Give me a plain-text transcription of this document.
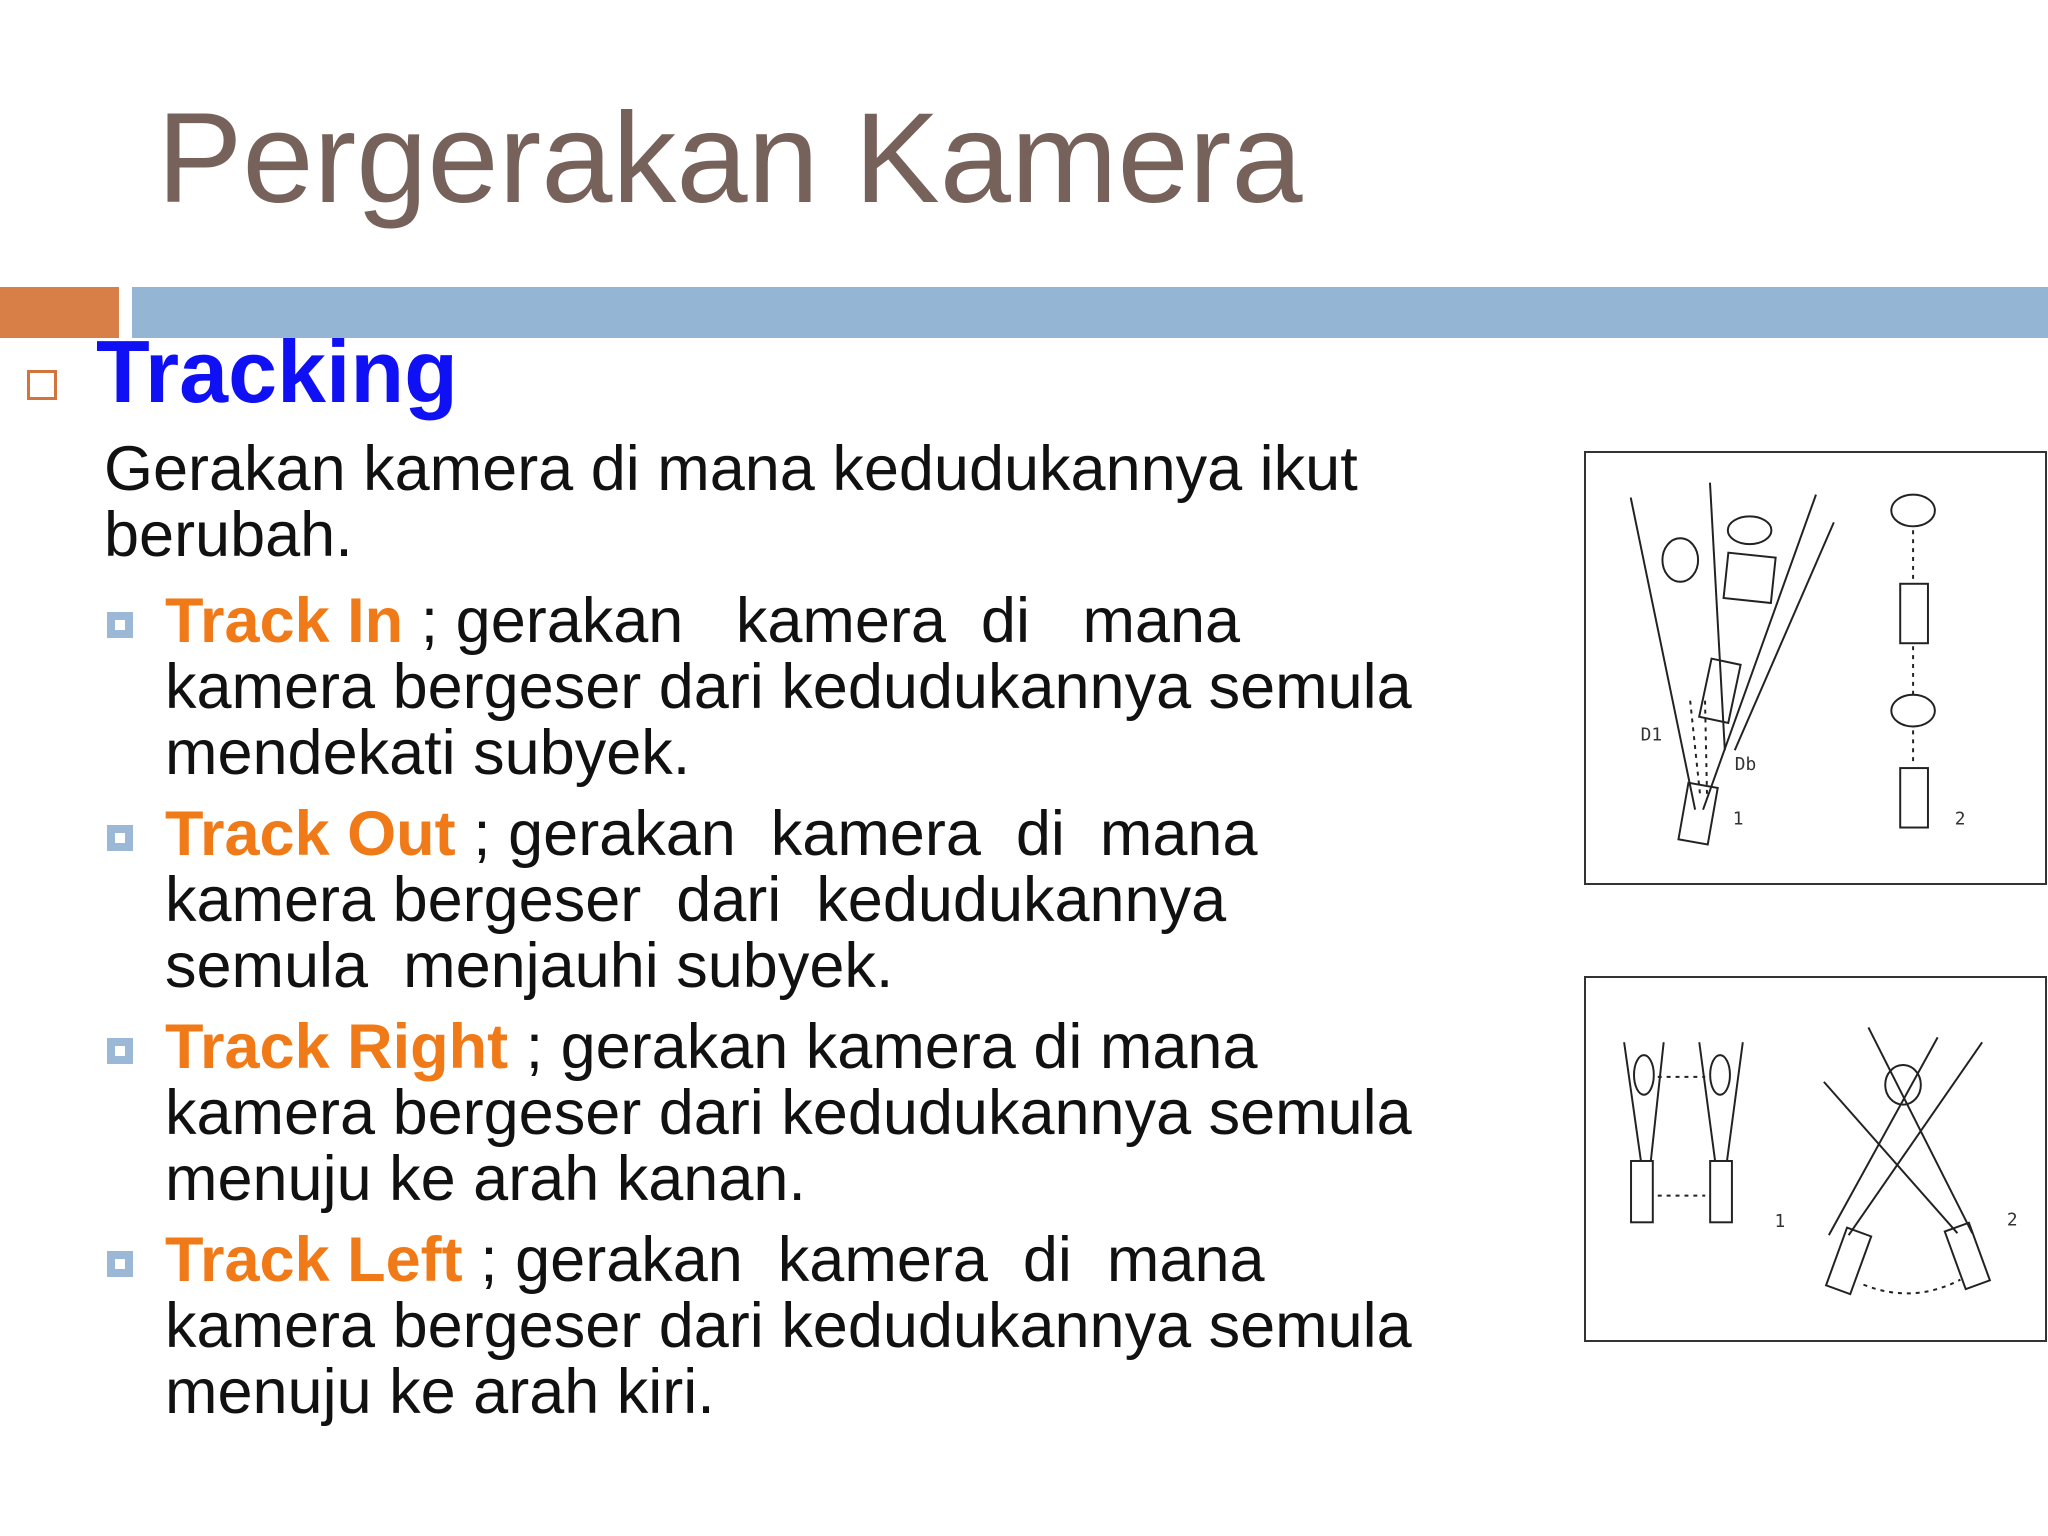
Pergerakan Kamera
Tracking
Gerakan kamera di mana kedudukannya ikut
berubah.
Track In ; gerakan   kamera  di   mana
kamera bergeser dari kedudukannya semula
mendekati subyek.
Track Out ; gerakan  kamera  di  mana
kamera bergeser  dari  kedudukannya
semula  menjauhi subyek.
Track Right ; gerakan kamera di mana
kamera bergeser dari kedudukannya semula
menuju ke arah kanan.
Track Left ; gerakan  kamera  di  mana
kamera bergeser dari kedudukannya semula
menuju ke arah kiri.
D1
Db
1	2
1	2
